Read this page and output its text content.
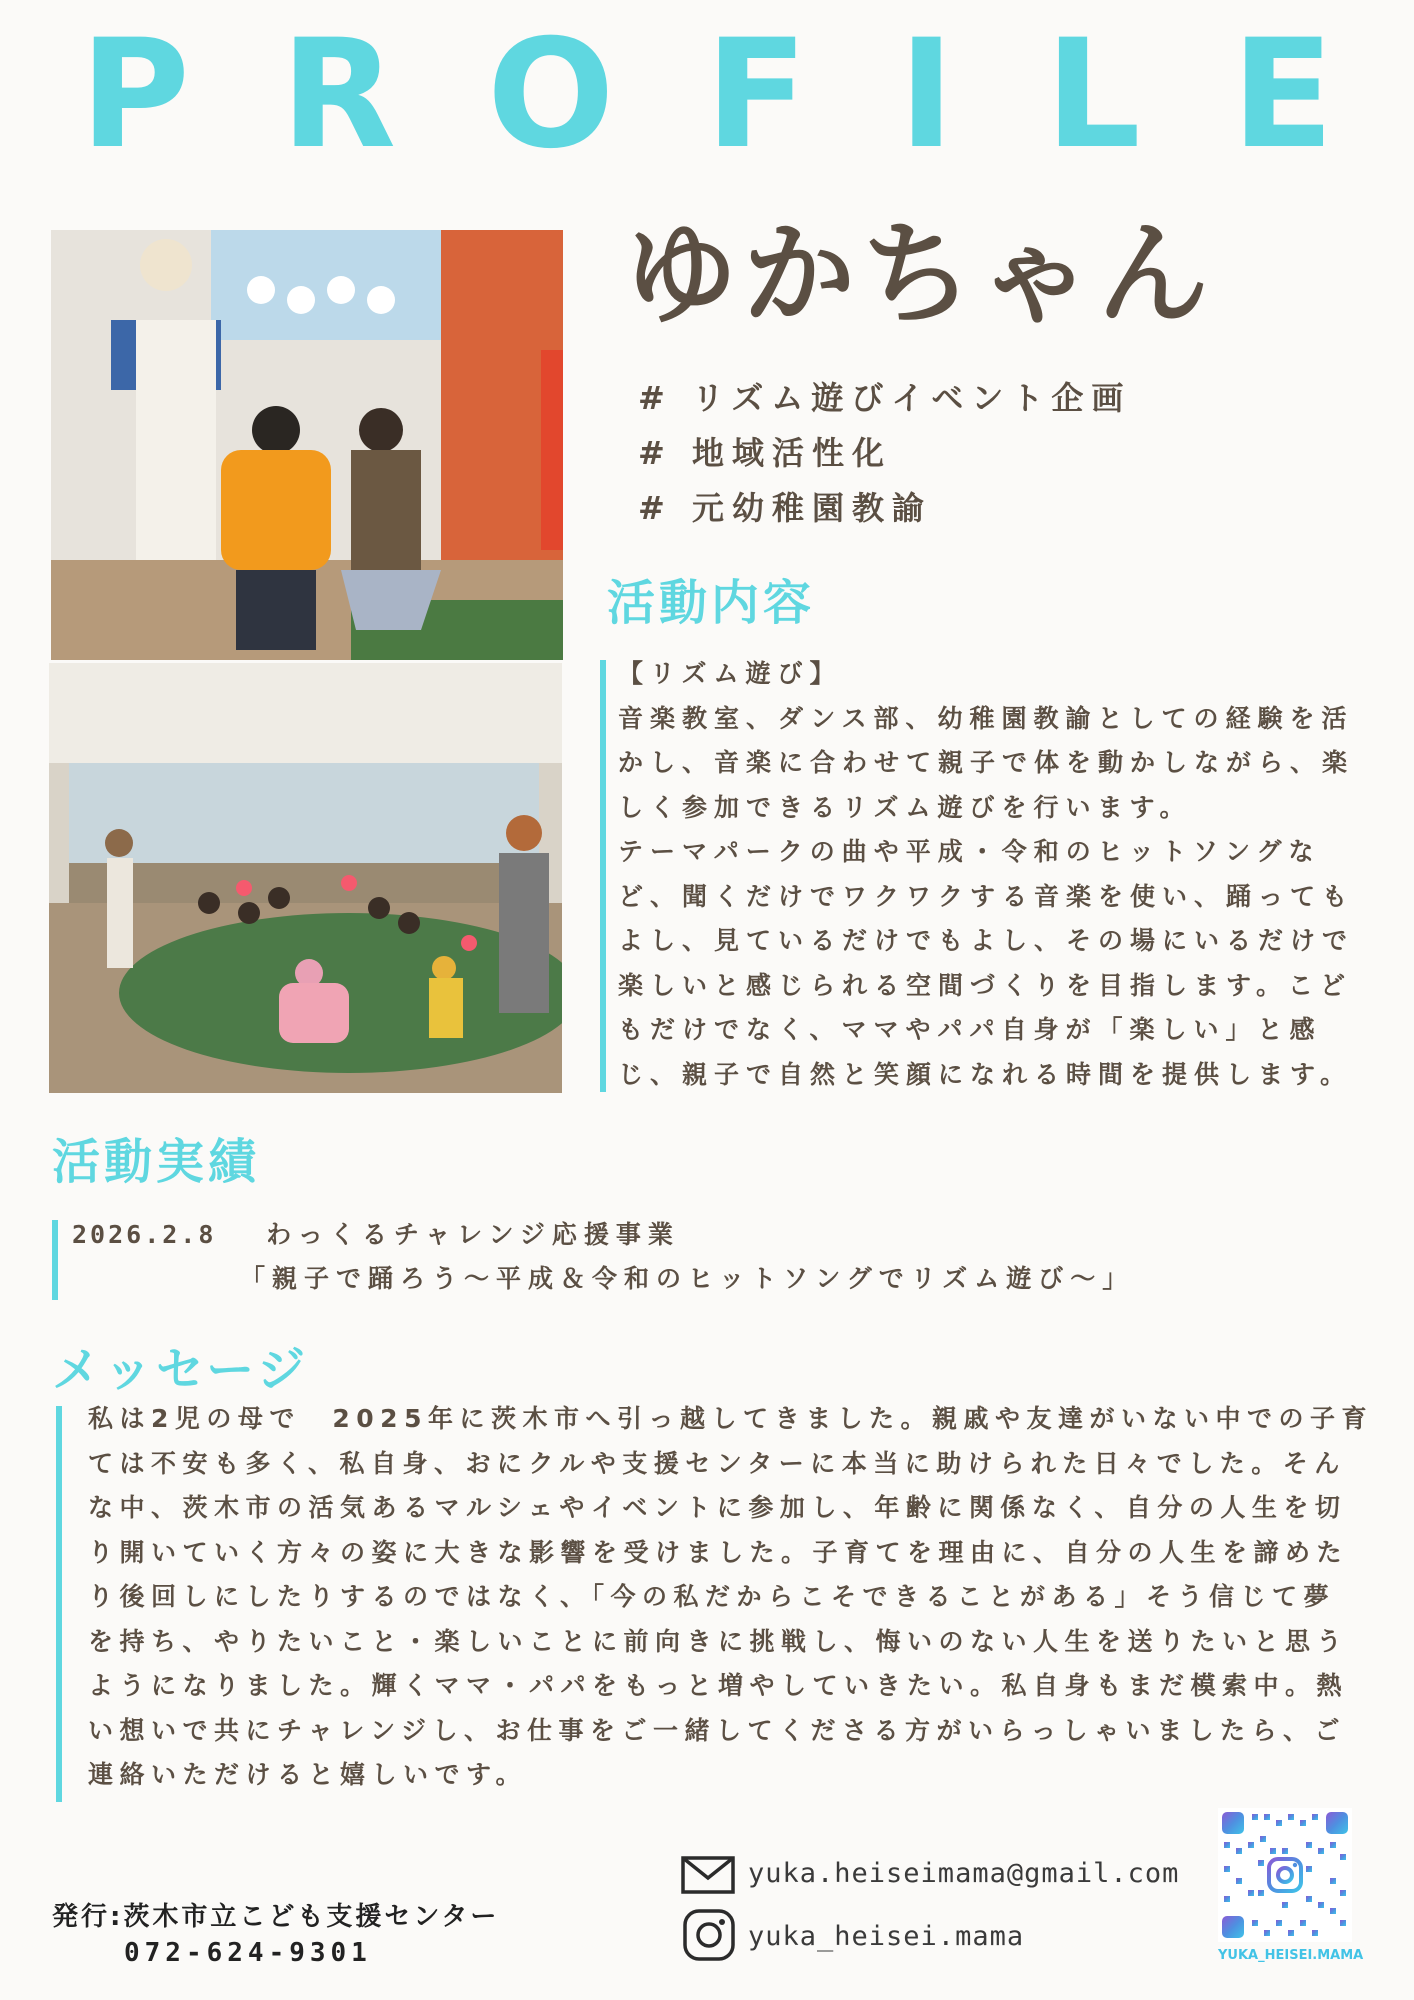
P R O F I L E
ゆかちゃん
# リズム遊びイベント企画
# 地域活性化
# 元幼稚園教諭
活動内容
【リズム遊び】
音楽教室、ダンス部、幼稚園教諭としての経験を活
かし、音楽に合わせて親子で体を動かしながら、楽
しく参加できるリズム遊びを行います。
テーマパークの曲や平成・令和のヒットソングな
ど、聞くだけでワクワクする音楽を使い、踊っても
よし、見ているだけでもよし、その場にいるだけで
楽しいと感じられる空間づくりを目指します。こど
もだけでなく、ママやパパ自身が「楽しい」と感
じ、親子で自然と笑顔になれる時間を提供します。
活動実績
2026.2.8 わっくるチャレンジ応援事業
「親子で踊ろう～平成＆令和のヒットソングでリズム遊び～」
メッセージ
私は2児の母で　2025年に茨木市へ引っ越してきました。親戚や友達がいない中での子育
ては不安も多く、私自身、おにクルや支援センターに本当に助けられた日々でした。そん
な中、茨木市の活気あるマルシェやイベントに参加し、年齢に関係なく、自分の人生を切
り開いていく方々の姿に大きな影響を受けました。子育てを理由に、自分の人生を諦めた
り後回しにしたりするのではなく、「今の私だからこそできることがある」そう信じて夢
を持ち、やりたいこと・楽しいことに前向きに挑戦し、悔いのない人生を送りたいと思う
ようになりました。輝くママ・パパをもっと増やしていきたい。私自身もまだ模索中。熱
い想いで共にチャレンジし、お仕事をご一緒してくださる方がいらっしゃいましたら、ご
連絡いただけると嬉しいです。
yuka.heiseimama@gmail.com
yuka_heisei.mama
YUKA_HEISEI.MAMA
発行:茨木市立こども支援センター
072-624-9301
